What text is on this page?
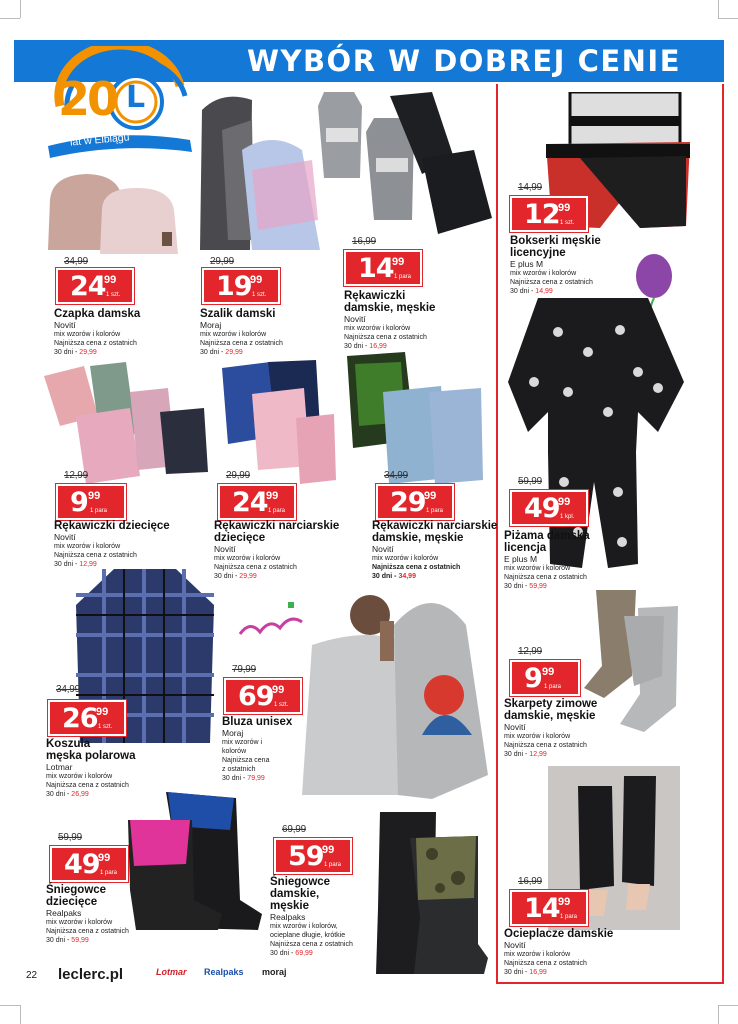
WYBÓR W DOBREJ CENIE
20 L
lat w Elblągu
34,99
24
99
1 szt.
Czapka damska
Novití
mix wzorów i kolorów
Najniższa cena z ostatnich
30 dni - 29,99
29,99
19
99
1 szt.
Szalik damski
Moraj
mix wzorów i kolorów
Najniższa cena z ostatnich
30 dni - 29,99
16,99
14
99
1 para
Rękawiczki
damskie, męskie
Novití
mix wzorów i kolorów
Najniższa cena z ostatnich
30 dni - 16,99
14,99
12
99
1 szt.
Bokserki męskie
licencyjne
E plus M
mix wzorów i kolorów
Najniższa cena z ostatnich
30 dni - 14,99
12,99
9 99
1 para
Rękawiczki dziecięce
Novití
mix wzorów i kolorów
Najniższa cena z ostatnich
30 dni - 12,99
29,99
24
99
1 para
Rękawiczki narciarskie
dziecięce
Novití
mix wzorów i kolorów
Najniższa cena z ostatnich
30 dni - 29,99
34,99
29
99
1 para
Rękawiczki narciarskie
damskie, męskie
Novití
mix wzorów i kolorów
Najniższa cena z ostatnich
30 dni - 34,99
59,99
49
99
1 kpl.
Piżama damska
licencja
E plus M
mix wzorów i kolorów
Najniższa cena z ostatnich
30 dni - 59,99
34,99
26
99
1 szt.
Koszula
męska polarowa
Lotmar
mix wzorów i kolorów
Najniższa cena z ostatnich
30 dni - 26,99
79,99
69
99
1 szt.
Bluza unisex
Moraj
mix wzorów i
kolorów
Najniższa cena
z ostatnich
30 dni - 79,99
12,99
9 99
1 para
Skarpety zimowe
damskie, męskie
Novití
mix wzorów i kolorów
Najniższa cena z ostatnich
30 dni - 12,99
59,99
49
99
1 para
Śniegowce
dziecięce
Realpaks
mix wzorów i kolorów
Najniższa cena z ostatnich
30 dni - 59,99
69,99
59
99
1 para
Śniegowce
damskie,
męskie
Realpaks
mix wzorów i kolorów,
ocieplane długie, krótkie
Najniższa cena z ostatnich
30 dni - 69,99
16,99
14
99
1 para
Ocieplacze damskie
Novití
mix wzorów i kolorów
Najniższa cena z ostatnich
30 dni - 16,99
22 leclerc.pl	Lotmar Realpaks moraj
